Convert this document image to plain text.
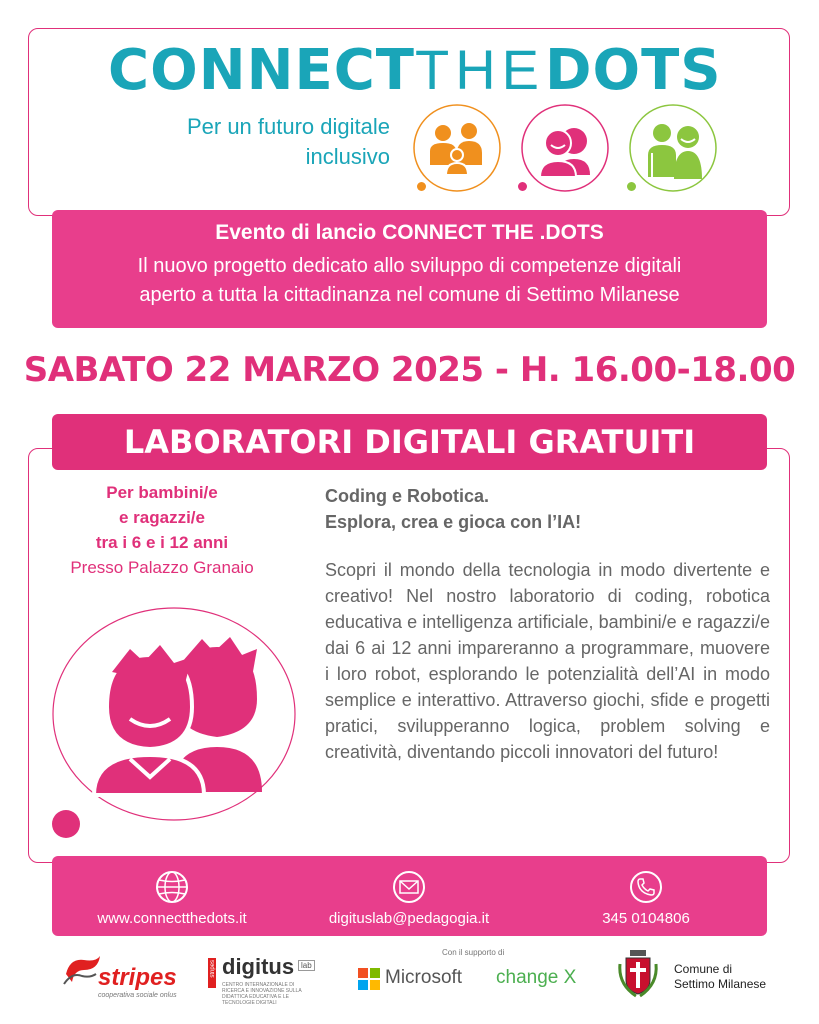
CONNECTTHEDOTS
Per un futuro digitale inclusivo
Evento di lancio CONNECT THE .DOTS
Il nuovo progetto dedicato allo sviluppo di competenze digitali
aperto a tutta la cittadinanza nel comune di Settimo Milanese
SABATO 22 MARZO 2025 - H. 16.00-18.00
LABORATORI DIGITALI GRATUITI
Per bambini/e
e ragazzi/e
tra i 6 e i 12 anni
Presso Palazzo Granaio
Coding e Robotica.
Esplora, crea e gioca con l’IA!
Scopri il mondo della tecnologia in modo divertente e creativo! Nel nostro laboratorio di coding, robotica educativa e intelligenza artificiale, bambini/e e ragazzi/e dai 6 ai 12 anni impareranno a programmare, muovere i loro robot, esplorando le potenzialità dell’AI in modo semplice e interattivo. Attraverso giochi, sfide e progetti pratici, svilupperanno logica, problem solving e creatività, diventando piccoli innovatori del futuro!
www.connectthedots.it	digituslab@pedagogia.it	345 0104806
Con il supporto di
stripes
cooperativa sociale onlus
stripes digitus lab
CENTRO INTERNAZIONALE DI RICERCA E INNOVAZIONE SULLA DIDATTICA EDUCATIVA E LE TECNOLOGIE DIGITALI
Microsoft change X	Comune di
Settimo Milanese
